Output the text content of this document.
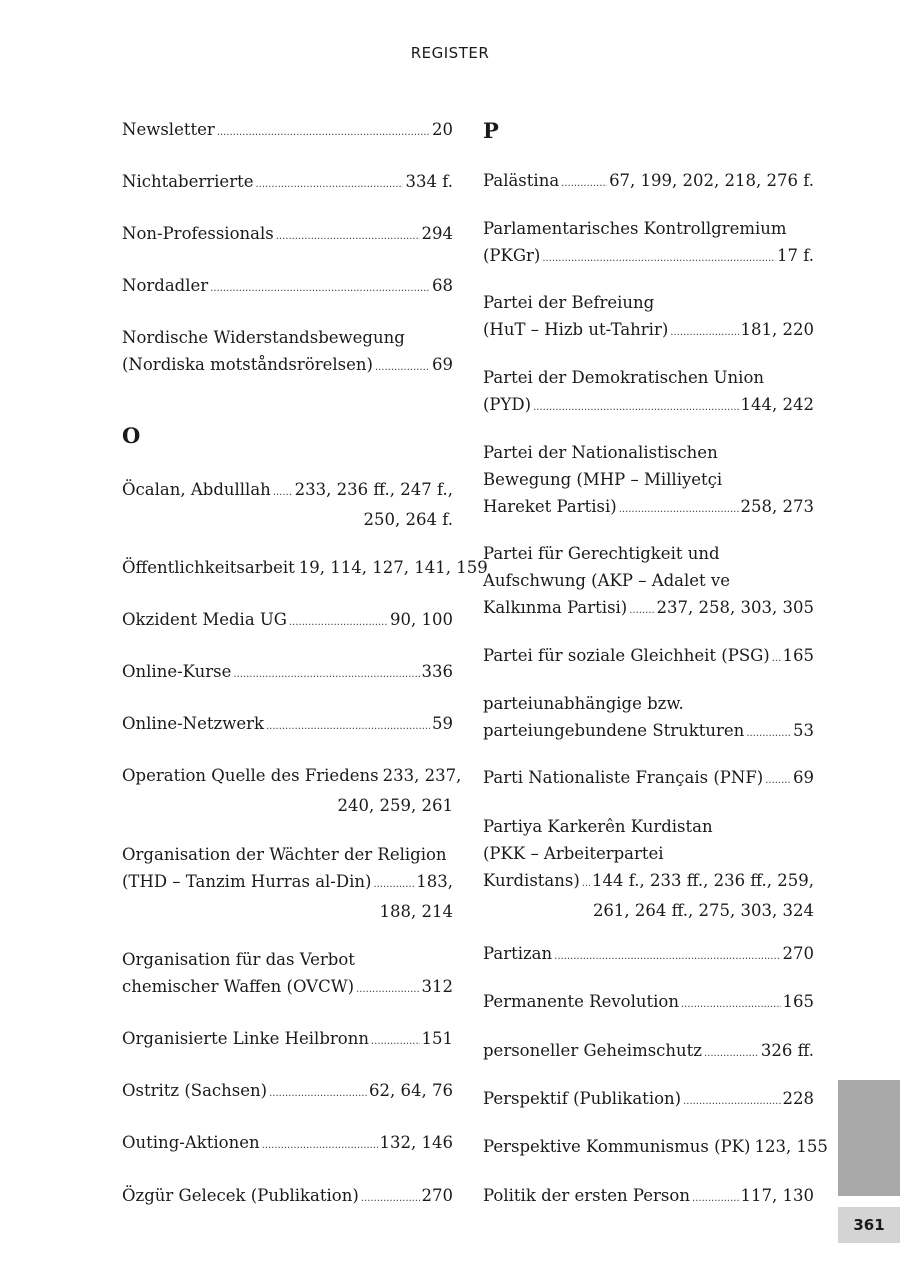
REGISTER
Newsletter .....	20
Nichtaberrierte .....	334 f.
Non-Professionals .....	294
Nordadler .....	68
Nordische Widerstandsbewegung
(Nordiska motståndsrörelsen) .....	69
O
Öcalan, Abdulllah ..... 233, 236 ff., 247 f.,
250, 264 f.
Öffentlichkeitsarbeit 19, 114, 127, 141, 159
Okzident Media UG .....	90, 100
Online-Kurse .....	336
Online-Netzwerk .....	59
Operation Quelle des Friedens 233, 237,
240, 259, 261
Organisation der Wächter der Religion
(THD – Tanzim Hurras al-Din) .....	183,
188, 214
Organisation für das Verbot
chemischer Waffen (OVCW) .....	312
Organisierte Linke Heilbronn .....	151
Ostritz (Sachsen) .....	62, 64, 76
Outing-Aktionen .....	132, 146
Özgür Gelecek (Publikation) .....	270
P
Palästina .....	67, 199, 202, 218, 276 f.
Parlamentarisches Kontrollgremium
(PKGr) .....	17 f.
Partei der Befreiung
(HuT – Hizb ut-Tahrir) .....	181, 220
Partei der Demokratischen Union
(PYD) .....	144, 242
Partei der Nationalistischen
Bewegung (MHP – Milliyetçi
Hareket Partisi) .....	258, 273
Partei für Gerechtigkeit und
Aufschwung (AKP – Adalet ve
Kalkınma Partisi) ..... 237, 258, 303, 305
Partei für soziale Gleichheit (PSG) ..... 165
parteiunabhängige bzw.
parteiungebundene Strukturen .....	53
Parti Nationaliste Français (PNF) ..... 69
Partiya Karkerên Kurdistan
(PKK – Arbeiterpartei
Kurdistans) ..... 144 f., 233 ff., 236 ff., 259,
261, 264 ff., 275, 303, 324
Partizan .....	270
Permanente Revolution .....	165
personeller Geheimschutz .....	326 ff.
Perspektif (Publikation) .....	228
Perspektive Kommunismus (PK) 123, 155
Politik der ersten Person .....	117, 130
361
